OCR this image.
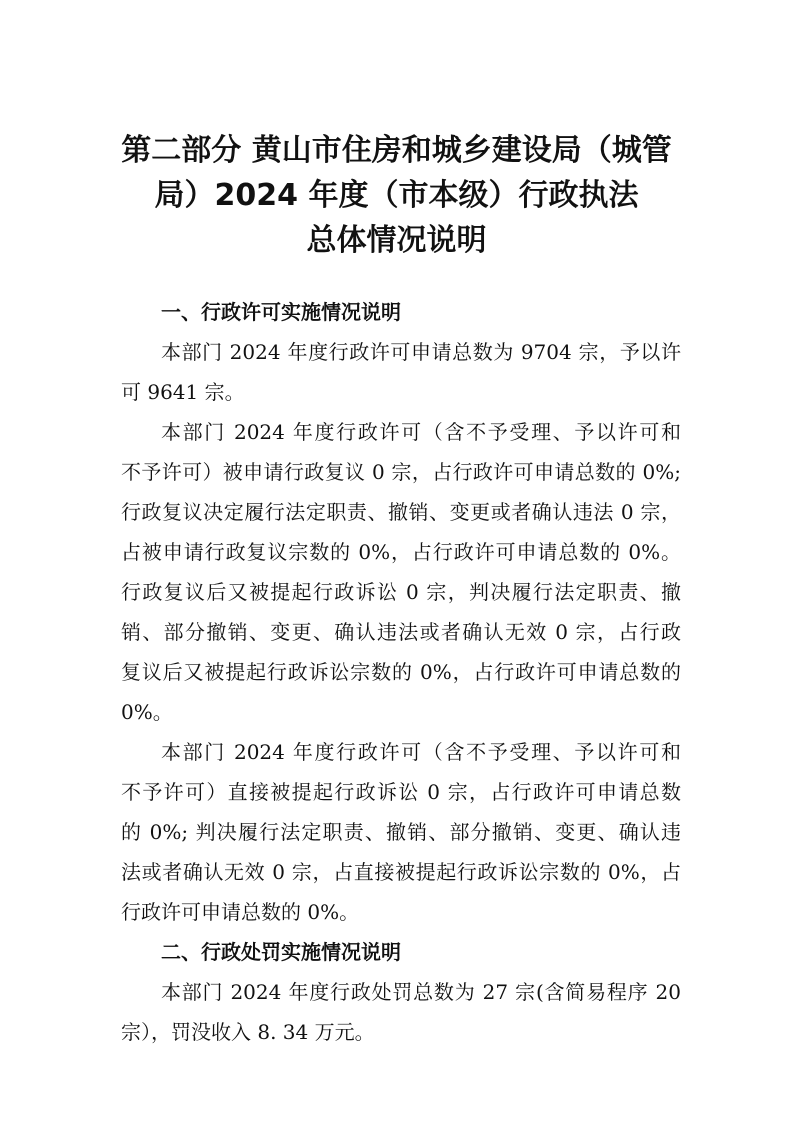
第二部分 黄山市住房和城乡建设局（城管
局）2024 年度（市本级）行政执法
总体情况说明
一、行政许可实施情况说明
本部门 2024 年度行政许可申请总数为 9704 宗，予以许
可 9641 宗。
本部门 2024 年度行政许可（含不予受理、予以许可和
不予许可）被申请行政复议 0 宗，占行政许可申请总数的 0%;
行政复议决定履行法定职责、撤销、变更或者确认违法 0 宗，
占被申请行政复议宗数的 0%，占行政许可申请总数的 0%。
行政复议后又被提起行政诉讼 0 宗，判决履行法定职责、撤
销、部分撤销、变更、确认违法或者确认无效 0 宗，占行政
复议后又被提起行政诉讼宗数的 0%，占行政许可申请总数的
0%。
本部门 2024 年度行政许可（含不予受理、予以许可和
不予许可）直接被提起行政诉讼 0 宗，占行政许可申请总数
的 0%; 判决履行法定职责、撤销、部分撤销、变更、确认违
法或者确认无效 0 宗，占直接被提起行政诉讼宗数的 0%，占
行政许可申请总数的 0%。
二、行政处罚实施情况说明
本部门 2024 年度行政处罚总数为 27 宗(含简易程序 20
宗），罚没收入 8. 34 万元。
